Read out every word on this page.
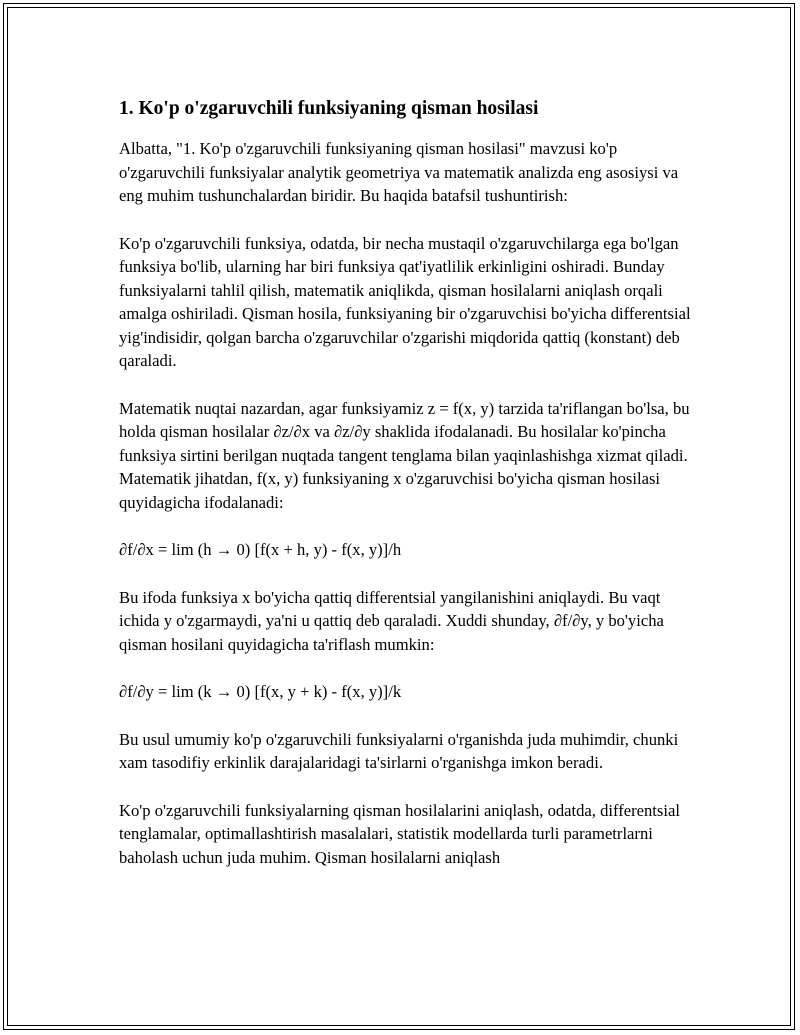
1. Ko'p o'zgaruvchili funksiyaning qisman hosilasi

Albatta, "1. Ko'p o'zgaruvchili funksiyaning qisman hosilasi" mavzusi ko'p o'zgaruvchili funksiyalar analytik geometriya va matematik analizda eng asosiysi va eng muhim tushunchalardan biridir. Bu haqida batafsil tushuntirish:

Ko'p o'zgaruvchili funksiya, odatda, bir necha mustaqil o'zgaruvchilarga ega bo'lgan funksiya bo'lib, ularning har biri funksiya qat'iyatlilik erkinligini oshiradi. Bunday funksiyalarni tahlil qilish, matematik aniqlikda, qisman hosilalarni aniqlash orqali amalga oshiriladi. Qisman hosila, funksiyaning bir o'zgaruvchisi bo'yicha differentsial yig'indisidir, qolgan barcha o'zgaruvchilar o'zgarishi miqdorida qattiq (konstant) deb qaraladi.

Matematik nuqtai nazardan, agar funksiyamiz z = f(x, y) tarzida ta'riflangan bo'lsa, bu holda qisman hosilalar ∂z/∂x va ∂z/∂y shaklida ifodalanadi. Bu hosilalar ko'pincha funksiya sirtini berilgan nuqtada tangent tenglama bilan yaqinlashishga xizmat qiladi. Matematik jihatdan, f(x, y) funksiyaning x o'zgaruvchisi bo'yicha qisman hosilasi quyidagicha ifodalanadi:

∂f/∂x = lim (h → 0) [f(x + h, y) - f(x, y)]/h

Bu ifoda funksiya x bo'yicha qattiq differentsial yangilanishini aniqlaydi. Bu vaqt ichida y o'zgarmaydi, ya'ni u qattiq deb qaraladi. Xuddi shunday, ∂f/∂y, y bo'yicha qisman hosilani quyidagicha ta'riflash mumkin:

∂f/∂y = lim (k → 0) [f(x, y + k) - f(x, y)]/k

Bu usul umumiy ko'p o'zgaruvchili funksiyalarni o'rganishda juda muhimdir, chunki xam tasodifiy erkinlik darajalaridagi ta'sirlarni o'rganishga imkon beradi.

Ko'p o'zgaruvchili funksiyalarning qisman hosilalarini aniqlash, odatda, differentsial tenglamalar, optimallashtirish masalalari, statistik modellarda turli parametrlarni baholash uchun juda muhim. Qisman hosilalarni aniqlash
